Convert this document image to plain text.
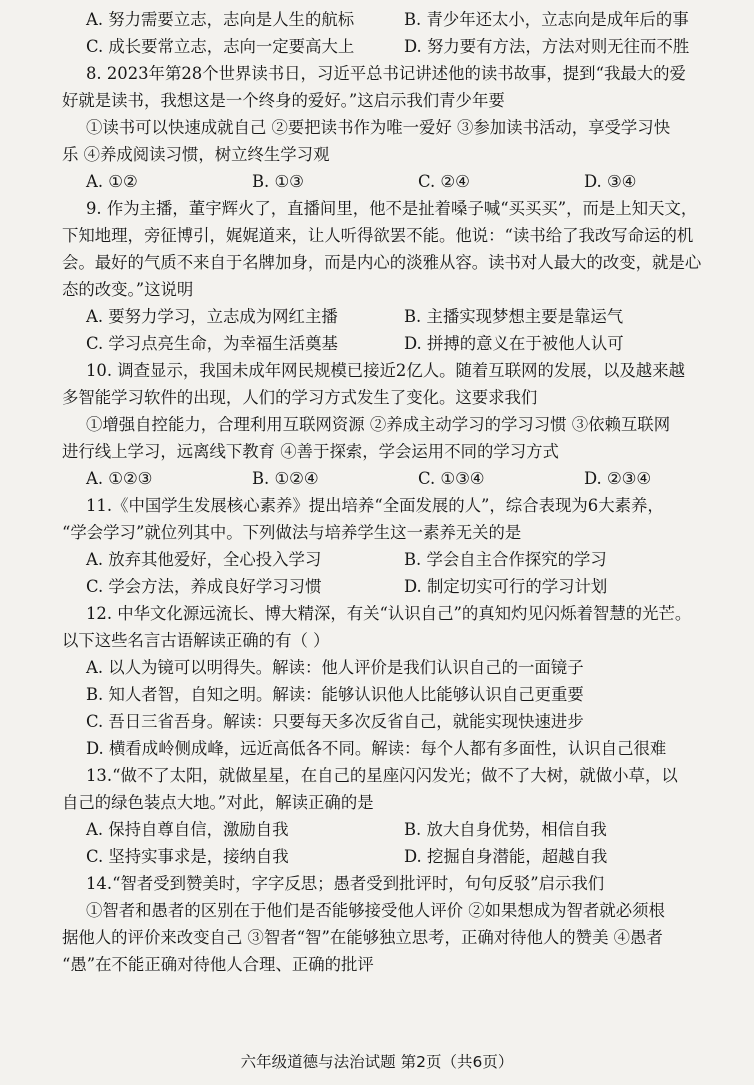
A. 努力需要立志，志向是人生的航标	B. 青少年还太小，立志向是成年后的事
C. 成长要常立志，志向一定要高大上	D. 努力要有方法，方法对则无往而不胜
8. 2023年第28个世界读书日，习近平总书记讲述他的读书故事，提到“我最大的爱
好就是读书，我想这是一个终身的爱好。”这启示我们青少年要
①读书可以快速成就自己 ②要把读书作为唯一爱好 ③参加读书活动，享受学习快
乐 ④养成阅读习惯，树立终生学习观
A. ①②	B. ①③	C. ②④	D. ③④
9. 作为主播，董宇辉火了，直播间里，他不是扯着嗓子喊“买买买”，而是上知天文，
下知地理，旁征博引，娓娓道来，让人听得欲罢不能。他说：“读书给了我改写命运的机
会。最好的气质不来自于名牌加身，而是内心的淡雅从容。读书对人最大的改变，就是心
态的改变。”这说明
A. 要努力学习，立志成为网红主播	B. 主播实现梦想主要是靠运气
C. 学习点亮生命，为幸福生活奠基	D. 拼搏的意义在于被他人认可
10. 调查显示，我国未成年网民规模已接近2亿人。随着互联网的发展，以及越来越
多智能学习软件的出现，人们的学习方式发生了变化。这要求我们
①增强自控能力，合理利用互联网资源 ②养成主动学习的学习习惯 ③依赖互联网
进行线上学习，远离线下教育 ④善于探索，学会运用不同的学习方式
A. ①②③	B. ①②④	C. ①③④	D. ②③④
11.《中国学生发展核心素养》提出培养“全面发展的人”，综合表现为6大素养，
“学会学习”就位列其中。下列做法与培养学生这一素养无关的是
A. 放弃其他爱好，全心投入学习	B. 学会自主合作探究的学习
C. 学会方法，养成良好学习习惯	D. 制定切实可行的学习计划
12. 中华文化源远流长、博大精深，有关“认识自己”的真知灼见闪烁着智慧的光芒。
以下这些名言古语解读正确的有（ ）
A. 以人为镜可以明得失。解读：他人评价是我们认识自己的一面镜子
B. 知人者智，自知之明。解读：能够认识他人比能够认识自己更重要
C. 吾日三省吾身。解读：只要每天多次反省自己，就能实现快速进步
D. 横看成岭侧成峰，远近高低各不同。解读：每个人都有多面性，认识自己很难
13.“做不了太阳，就做星星，在自己的星座闪闪发光；做不了大树，就做小草，以
自己的绿色装点大地。”对此，解读正确的是
A. 保持自尊自信，激励自我	B. 放大自身优势，相信自我
C. 坚持实事求是，接纳自我	D. 挖掘自身潜能，超越自我
14.“智者受到赞美时，字字反思；愚者受到批评时，句句反驳”启示我们
①智者和愚者的区别在于他们是否能够接受他人评价 ②如果想成为智者就必须根
据他人的评价来改变自己 ③智者“智”在能够独立思考，正确对待他人的赞美 ④愚者
“愚”在不能正确对待他人合理、正确的批评
六年级道德与法治试题 第2页（共6页）
